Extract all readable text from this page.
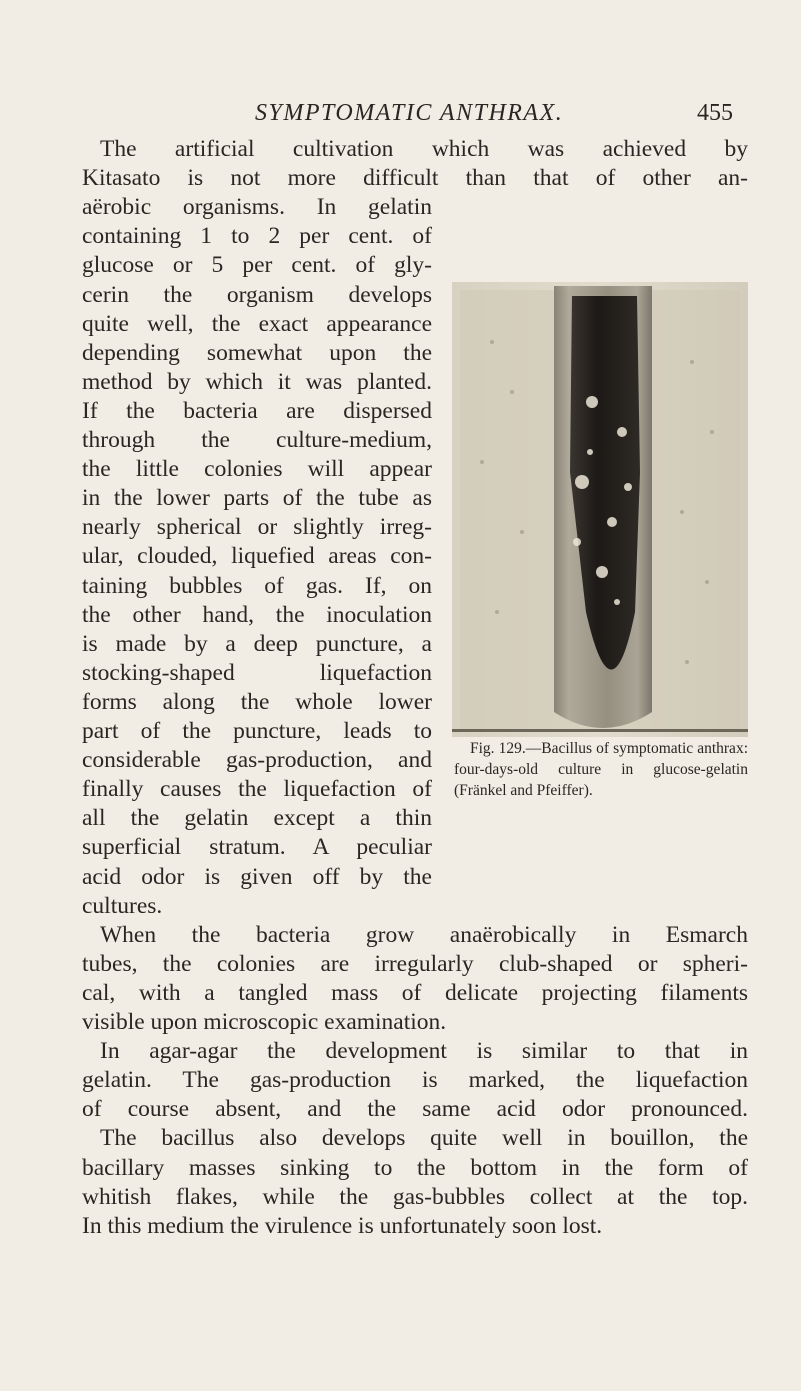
SYMPTOMATIC ANTHRAX.	455
The artificial cultivation which was achieved by
Kitasato is not more difficult than that of other an-
aërobic organisms. In gelatin
containing 1 to 2 per cent. of
glucose or 5 per cent. of gly-
cerin the organism develops
quite well, the exact appearance
depending somewhat upon the
method by which it was planted.
If the bacteria are dispersed
through the culture-medium,
the little colonies will appear
in the lower parts of the tube as
nearly spherical or slightly irreg-
ular, clouded, liquefied areas con-
taining bubbles of gas. If, on
the other hand, the inoculation
is made by a deep puncture, a
stocking-shaped liquefaction
forms along the whole lower
part of the puncture, leads to
considerable gas-production, and
finally causes the liquefaction of
all the gelatin except a thin
superficial stratum. A peculiar
acid odor is given off by the
cultures.
When the bacteria grow anaërobically in Esmarch
tubes, the colonies are irregularly club-shaped or spheri-
cal, with a tangled mass of delicate projecting filaments
visible upon microscopic examination.
In agar-agar the development is similar to that in
gelatin. The gas-production is marked, the liquefaction
of course absent, and the same acid odor pronounced.
The bacillus also develops quite well in bouillon, the
bacillary masses sinking to the bottom in the form of
whitish flakes, while the gas-bubbles collect at the top.
In this medium the virulence is unfortunately soon lost.
Fig. 129.—Bacillus of symptomatic anthrax: four-days-old culture in glucose-gelatin (Fränkel and Pfeiffer).
